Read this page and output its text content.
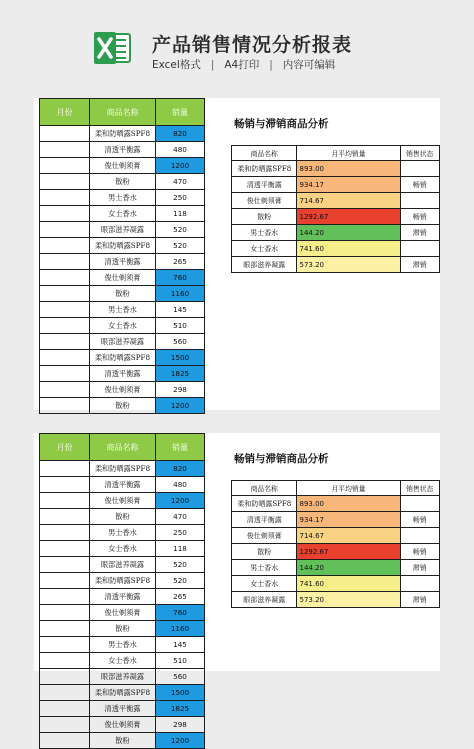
产品销售情况分析报表
Excel格式 | A4打印 | 内容可编辑
月份	商品名称	销量
	柔和防晒露SPF8	820
	清透平衡露	480
	俊仕剃须膏	1200
	散粉	470
	男士香水	250
	女士香水	118
	眼部滋养凝露	520
	柔和防晒露SPF8	520
	清透平衡露	265
	俊仕剃须膏	760
	散粉	1160
	男士香水	145
	女士香水	510
	眼部滋养凝露	560
	柔和防晒露SPF8	1500
	清透平衡露	1825
	俊仕剃须膏	298
	散粉	1200
畅销与滞销商品分析
商品名称	月平均销量	销售状态
柔和防晒露SPF8	893.00	
清透平衡露	934.17	畅销
俊仕剃须膏	714.67	
散粉	1292.67	畅销
男士香水	144.20	滞销
女士香水	741.60	
眼部滋养凝露	573.20	滞销
月份	商品名称	销量
	柔和防晒露SPF8	820
	清透平衡露	480
	俊仕剃须膏	1200
	散粉	470
	男士香水	250
	女士香水	118
	眼部滋养凝露	520
	柔和防晒露SPF8	520
	清透平衡露	265
	俊仕剃须膏	760
	散粉	1160
	男士香水	145
	女士香水	510
	眼部滋养凝露	560
	柔和防晒露SPF8	1500
	清透平衡露	1825
	俊仕剃须膏	298
	散粉	1200
畅销与滞销商品分析
商品名称	月平均销量	销售状态
柔和防晒露SPF8	893.00	
清透平衡露	934.17	畅销
俊仕剃须膏	714.67	
散粉	1292.67	畅销
男士香水	144.20	滞销
女士香水	741.60	
眼部滋养凝露	573.20	滞销
